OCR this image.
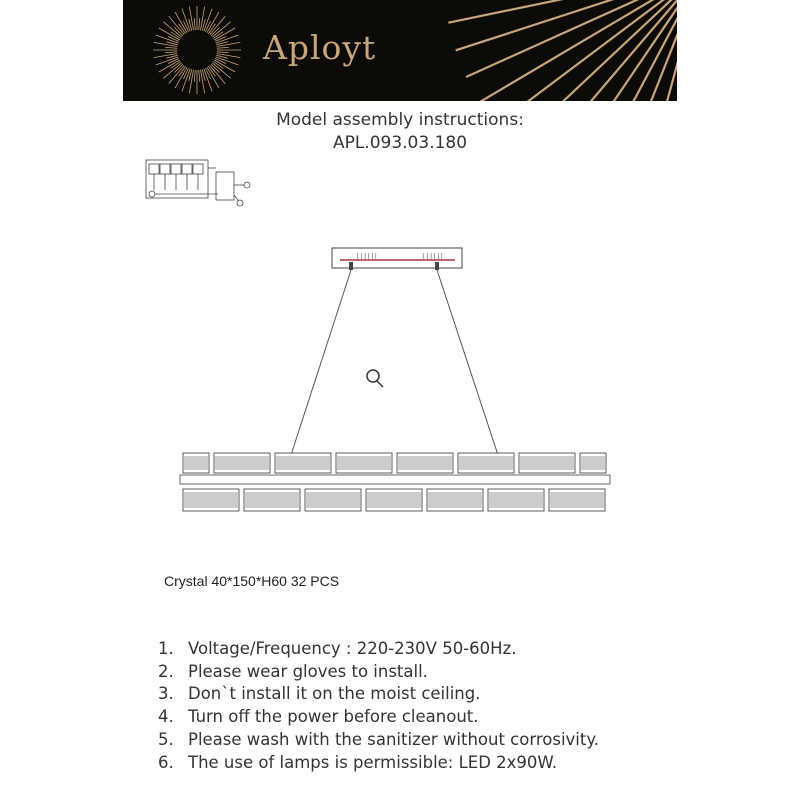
Aployt
Model assembly instructions:
APL.093.03.180
||||||	||||||
Crystal 40*150*H60 32 PCS
1. Voltage/Frequency : 220-230V 50-60Hz.
2. Please wear gloves to install.
3. Don`t install it on the moist ceiling.
4. Turn off the power before cleanout.
5. Please wash with the sanitizer without corrosivity.
6. The use of lamps is permissible: LED 2x90W.
